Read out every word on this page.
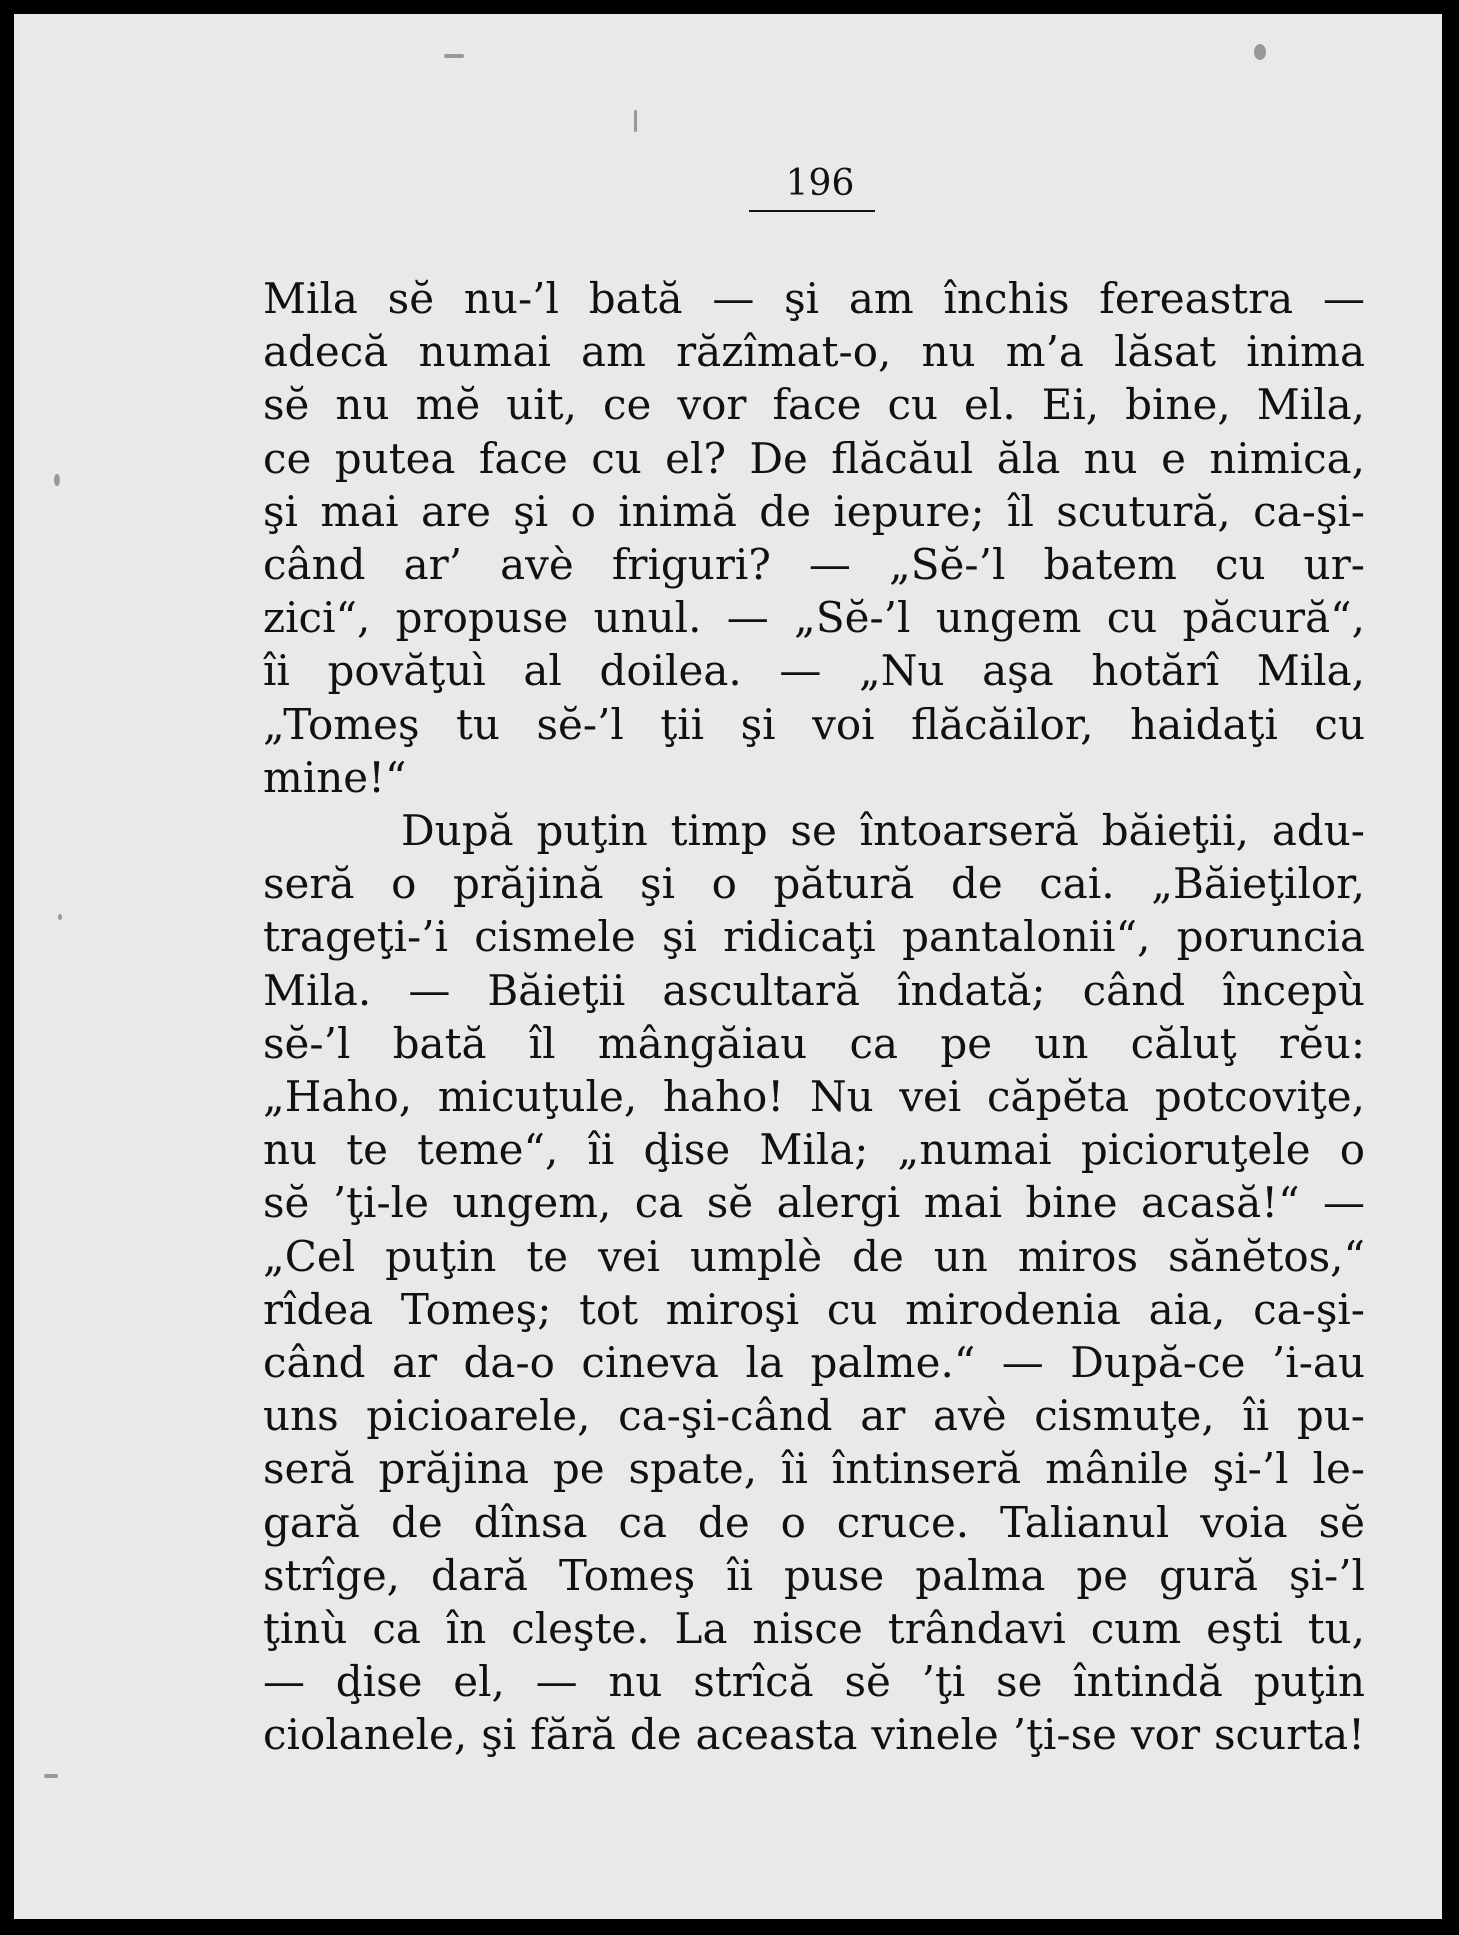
196
Mila sĕ nu-’l bată — şi am închis fereastra —
adecă numai am răzîmat-o, nu m’a lăsat inima
sĕ nu mĕ uit, ce vor face cu el. Ei, bine, Mila,
ce putea face cu el? De flăcăul ăla nu e nimica,
şi mai are şi o inimă de iepure; îl scutură, ca-şi-
când ar’ avè friguri? — „Sĕ-’l batem cu ur-
zici“, propuse unul. — „Sĕ-’l ungem cu păcură“,
îi povăţuì al doilea. — „Nu aşa hotărî Mila,
„Tomeş tu sĕ-’l ţii şi voi flăcăilor, haidaţi cu
mine!“
După puţin timp se întoarseră băieţii, adu-
seră o prăjină şi o pătură de cai. „Băieţilor,
trageţi-’i cismele şi ridicaţi pantalonii“, poruncia
Mila. — Băieţii ascultară îndată; când începù
sĕ-’l bată îl mângăiau ca pe un căluţ rĕu:
„Haho, micuţule, haho! Nu vei căpĕta potcoviţe,
nu te teme“, îi ḑise Mila; „numai picioruţele o
sĕ ’ţi-le ungem, ca sĕ alergi mai bine acasă!“ —
„Cel puţin te vei umplè de un miros sănĕtos,“
rîdea Tomeş; tot miroşi cu mirodenia aia, ca-şi-
când ar da-o cineva la palme.“ — După-ce ’i-au
uns picioarele, ca-şi-când ar avè cismuţe, îi pu-
seră prăjina pe spate, îi întinseră mânile şi-’l le-
gară de dînsa ca de o cruce. Talianul voia sĕ
strîge, dară Tomeş îi puse palma pe gură şi-’l
ţinù ca în cleşte. La nisce trândavi cum eşti tu,
— ḑise el, — nu strîcă sĕ ’ţi se întindă puţin
ciolanele, şi fără de aceasta vinele ’ţi-se vor scurta!
